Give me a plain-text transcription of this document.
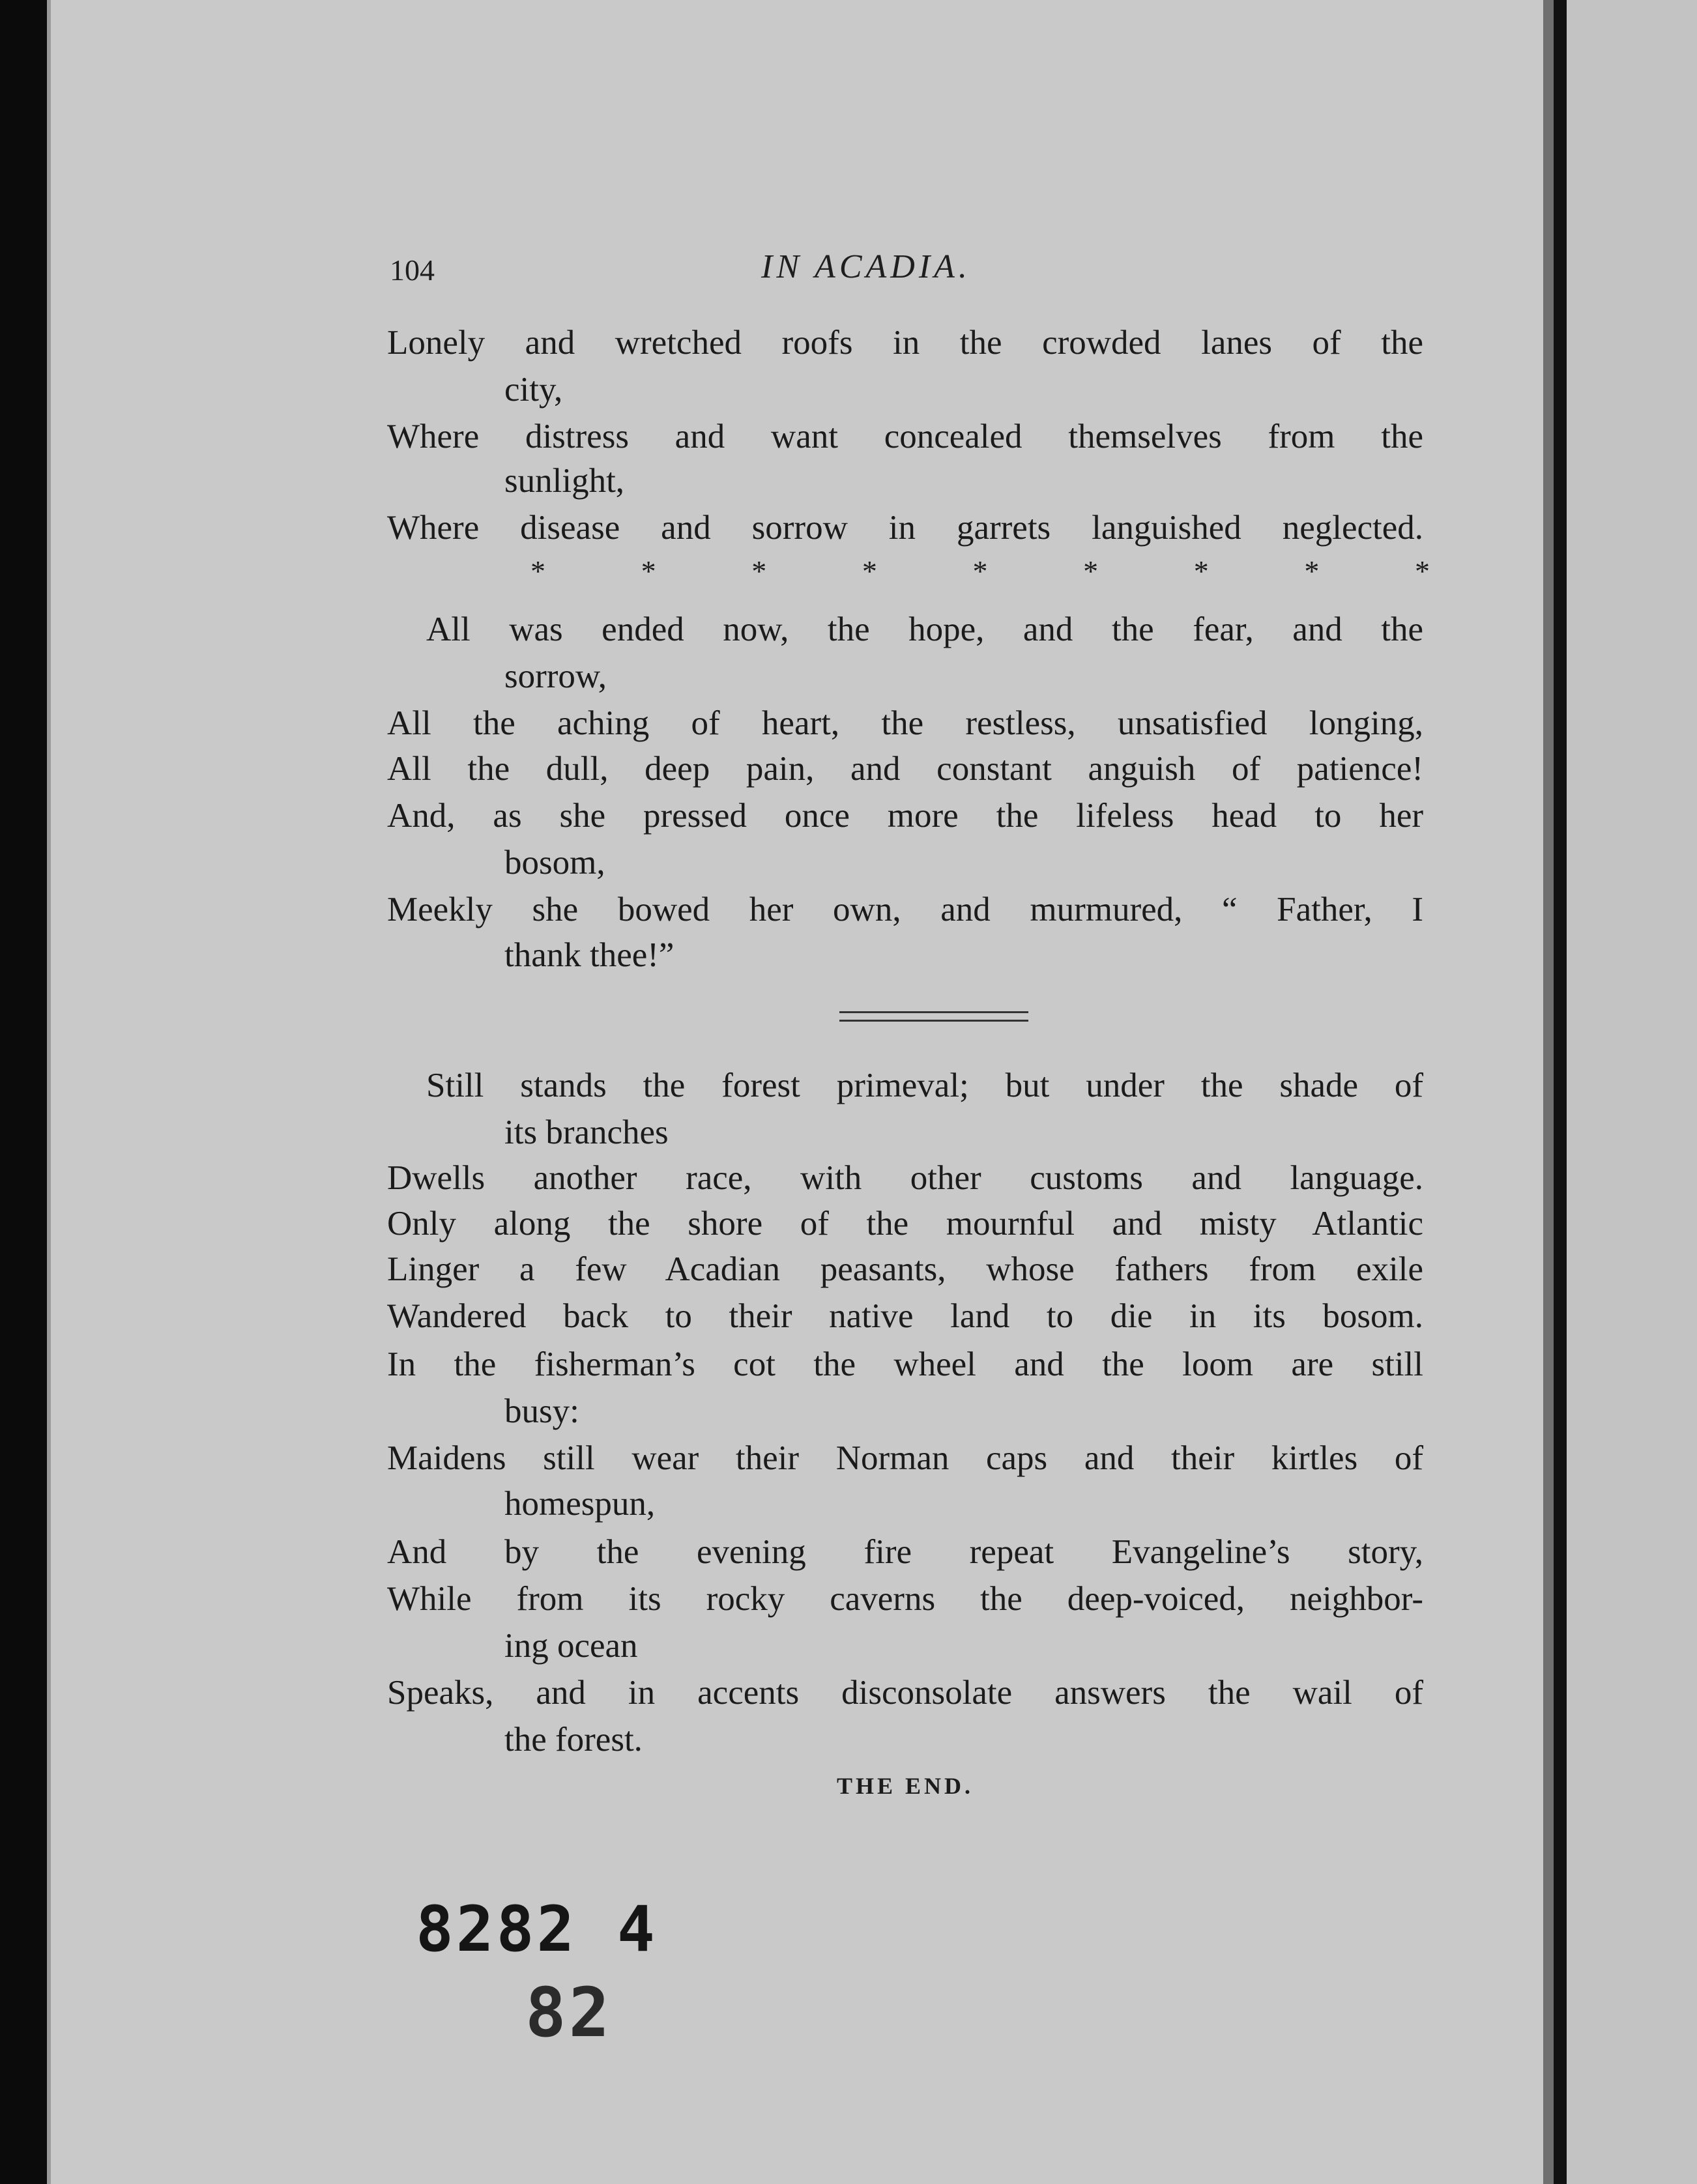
104	IN ACADIA.
Lonely and wretched roofs in the crowded lanes of the
city,
Where distress and want concealed themselves from the
sunlight,
Where disease and sorrow in garrets languished neglected.
*	*	*	*	*	*	*	*	*
All was ended now, the hope, and the fear, and the
sorrow,
All the aching of heart, the restless, unsatisfied longing,
All the dull, deep pain, and constant anguish of patience!
And, as she pressed once more the lifeless head to her
bosom,
Meekly she bowed her own, and murmured, “ Father, I
thank thee!”
Still stands the forest primeval; but under the shade of
its branches
Dwells another race, with other customs and language.
Only along the shore of the mournful and misty Atlantic
Linger a few Acadian peasants, whose fathers from exile
Wandered back to their native land to die in its bosom.
In the fisherman’s cot the wheel and the loom are still
busy:
Maidens still wear their Norman caps and their kirtles of
homespun,
And by the evening fire repeat Evangeline’s story,
While from its rocky caverns the deep-voiced, neighbor-
ing ocean
Speaks, and in accents disconsolate answers the wail of
the forest.
THE END.
8282 4
82
